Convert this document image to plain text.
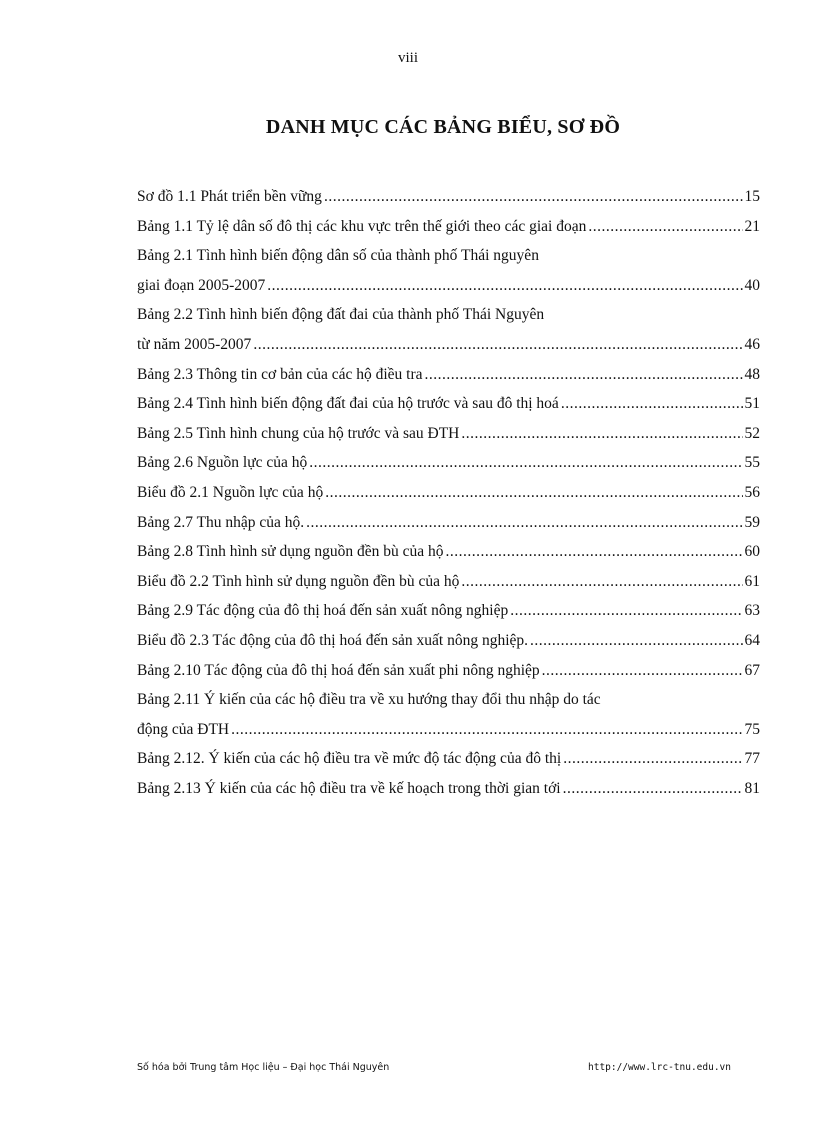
viii
DANH MỤC CÁC BẢNG BIỂU, SƠ ĐỒ
Sơ đồ 1.1 Phát triển bền vững .....	15
Bảng 1.1 Tỷ lệ dân số đô thị các khu vực trên thế giới theo các giai đoạn .....	21
Bảng 2.1 Tình hình biến động dân số của thành phố Thái nguyên
giai đoạn 2005-2007 .....	40
Bảng 2.2 Tình hình biến động đất đai của thành phố Thái Nguyên
từ năm 2005-2007 .....	46
Bảng 2.3 Thông tin cơ bản của các hộ điều tra .....	48
Bảng 2.4 Tình hình biến động đất đai của hộ trước và sau đô thị hoá .....	51
Bảng 2.5 Tình hình chung của hộ trước và sau ĐTH .....	52
Bảng 2.6 Nguồn lực của hộ .....	55
Biểu đồ 2.1 Nguồn lực của hộ .....	56
Bảng 2.7 Thu nhập của hộ. .....	59
Bảng 2.8 Tình hình sử dụng nguồn đền bù của hộ .....	60
Biểu đồ 2.2 Tình hình sử dụng nguồn đền bù của hộ .....	61
Bảng 2.9 Tác động của đô thị hoá đến sản xuất nông nghiệp .....	63
Biểu đồ 2.3 Tác động của đô thị hoá đến sản xuất nông nghiệp. .....	64
Bảng 2.10 Tác động của đô thị hoá đến sản xuất phi nông nghiệp .....	67
Bảng 2.11 Ý kiến của các hộ điều tra về xu hướng thay đổi thu nhập do tác
động của ĐTH .....	75
Bảng 2.12. Ý kiến của các hộ điều tra về mức độ tác động của đô thị .....	77
Bảng 2.13 Ý kiến của các hộ điều tra về kế hoạch trong thời gian tới .....	81
Số hóa bởi Trung tâm Học liệu – Đại học Thái Nguyên	http://www.lrc-tnu.edu.vn
